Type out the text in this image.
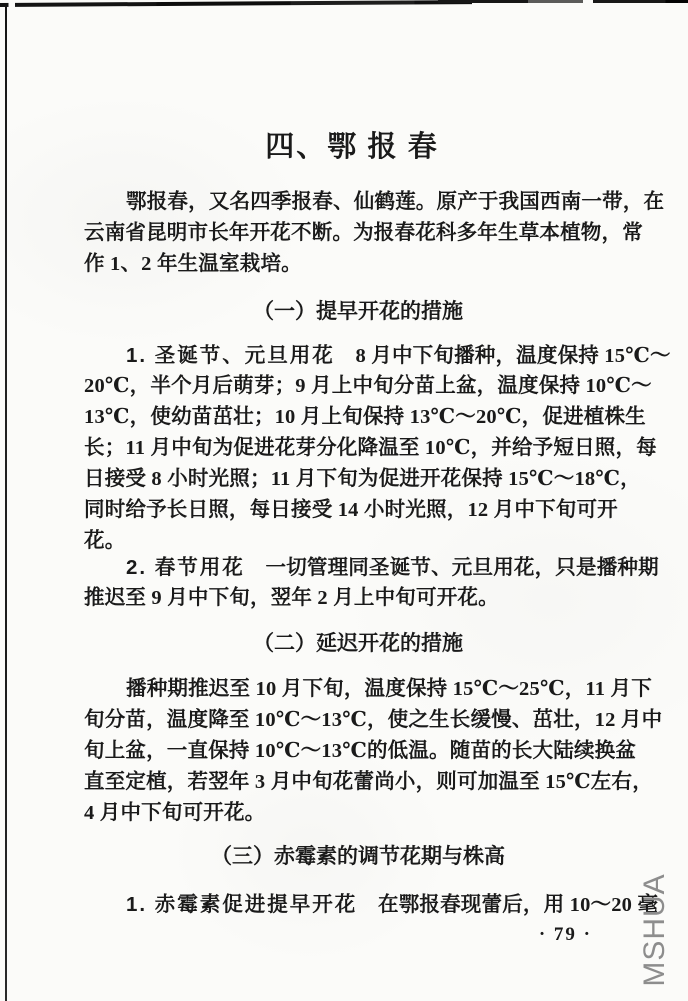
四、鄂 报 春
鄂报春，又名四季报春、仙鹤莲。原产于我国西南一带，在
云南省昆明市长年开花不断。为报春花科多年生草本植物，常
作 1、2 年生温室栽培。
（一）提早开花的措施
1. 圣诞节、元旦用花　8 月中下旬播种，温度保持 15℃～
20℃，半个月后萌芽；9 月上中旬分苗上盆，温度保持 10℃～
13℃，使幼苗茁壮；10 月上旬保持 13℃～20℃，促进植株生
长；11 月中旬为促进花芽分化降温至 10℃，并给予短日照，每
日接受 8 小时光照；11 月下旬为促进开花保持 15℃～18℃，
同时给予长日照，每日接受 14 小时光照，12 月中下旬可开
花。
2. 春节用花　一切管理同圣诞节、元旦用花，只是播种期
推迟至 9 月中下旬，翌年 2 月上中旬可开花。
（二）延迟开花的措施
播种期推迟至 10 月下旬，温度保持 15℃～25℃，11 月下
旬分苗，温度降至 10℃～13℃，使之生长缓慢、茁壮，12 月中
旬上盆，一直保持 10℃～13℃的低温。随苗的长大陆续换盆
直至定植，若翌年 3 月中旬花蕾尚小，则可加温至 15℃左右，
4 月中下旬可开花。
（三）赤霉素的调节花期与株高
1. 赤霉素促进提早开花　在鄂报春现蕾后，用 10～20 毫
· 79 · MSHUA
